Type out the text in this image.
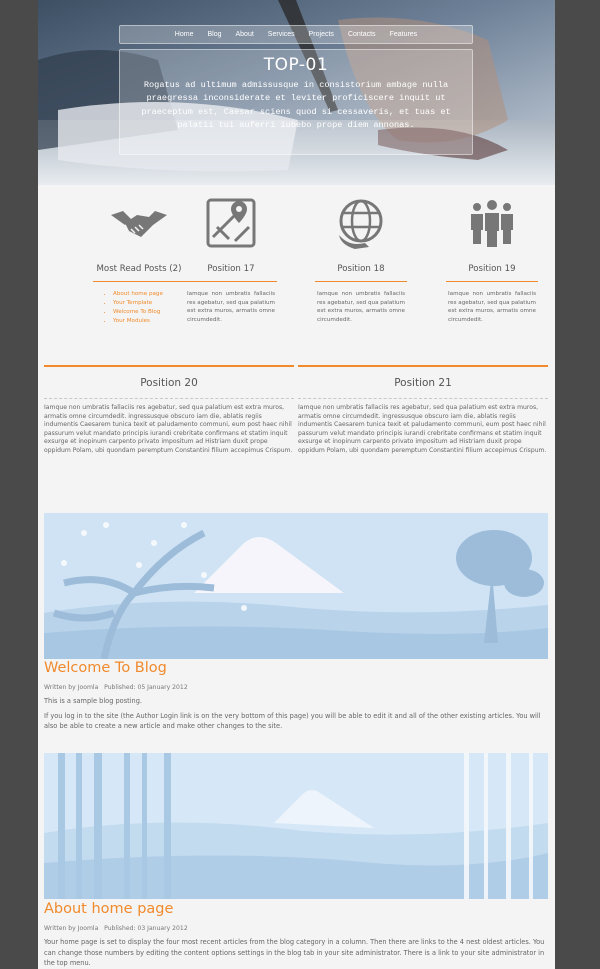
Home	Blog	About	Services	Projects	Contacts	Features
TOP-01
Rogatus ad ultimum admissusque in consistorium ambage nulla praegressa inconsiderate et leviter proficiscere inquit ut praeceptum est, Caesar sciens quod si cessaveris, et tuas et palatii tui auferri iubebo prope diem annonas.
Most Read Posts (2)
• About home page
• Your Template
• Welcome To Blog
• Your Modules
Position 17

Iamque non umbratis fallaciis res agebatur, sed qua palatium est extra muros, armatis omne circumdedit.

Position 18

Iamque non umbratis fallaciis res agebatur, sed qua palatium est extra muros, armatis omne circumdedit.

Position 19

Iamque non umbratis fallaciis res agebatur, sed qua palatium est extra muros, armatis omne circumdedit.

Position 20

Iamque non umbratis fallaciis res agebatur, sed qua palatium est extra muros, armatis omne circumdedit. ingressusque obscuro iam die, ablatis regiis indumentis Caesarem tunica texit et paludamento communi, eum post haec nihil passurum velut mandato principis iurandi crebritate confirmans et statim inquit exsurge et inopinum carpento privato impositum ad Histriam duxit prope oppidum Polam, ubi quondam peremptum Constantini filium accepimus Crispum.

Position 21

Iamque non umbratis fallaciis res agebatur, sed qua palatium est extra muros, armatis omne circumdedit. ingressusque obscuro iam die, ablatis regiis indumentis Caesarem tunica texit et paludamento communi, eum post haec nihil passurum velut mandato principis iurandi crebritate confirmans et statim inquit exsurge et inopinum carpento privato impositum ad Histriam duxit prope oppidum Polam, ubi quondam peremptum Constantini filium accepimus Crispum.

Welcome To Blog
Written by Joomla Published: 05 January 2012

This is a sample blog posting.

If you log in to the site (the Author Login link is on the very bottom of this page) you will be able to edit it and all of the other existing articles. You will also be able to create a new article and make other changes to the site.

About home page
Written by Joomla Published: 03 January 2012

Your home page is set to display the four most recent articles from the blog category in a column. Then there are links to the 4 nest oldest articles. You can change those numbers by editing the content options settings in the blog tab in your site administrator. There is a link to your site administrator in the top menu.
